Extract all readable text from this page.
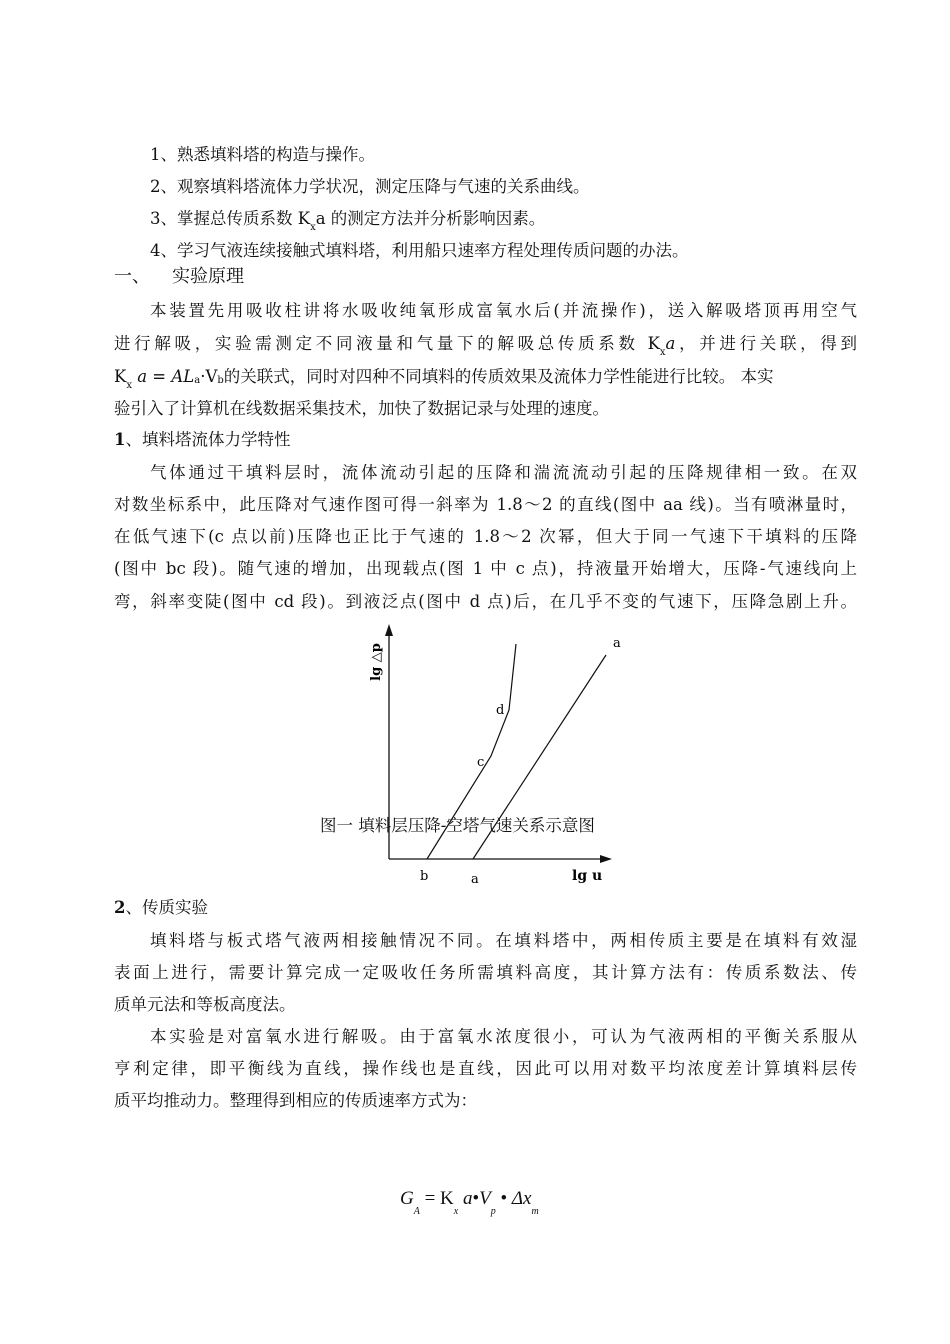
1、熟悉填料塔的构造与操作。
2、观察填料塔流体力学状况，测定压降与气速的关系曲线。
3、掌握总传质系数 $K_xa$ 的测定方法并分析影响因素。
4、学习气液连续接触式填料塔，利用船只速率方程处理传质问题的办法。
一、 实验原理
本装置先用吸收柱讲将水吸收纯氧形成富氧水后(并流操作)，送入解吸塔顶再用空气
进行解吸，实验需测定不同液量和气量下的解吸总传质系数 $K_xa$，并进行关联，得到
$K_x$ a = ALa·Vb的关联式，同时对四种不同填料的传质效果及流体力学性能进行比较。 本实
验引入了计算机在线数据采集技术，加快了数据记录与处理的速度。
1、填料塔流体力学特性
气体通过干填料层时，流体流动引起的压降和湍流流动引起的压降规律相一致。在双
对数坐标系中，此压降对气速作图可得一斜率为 1.8～2 的直线(图中 aa 线)。当有喷淋量时，
在低气速下(c 点以前)压降也正比于气速的 1.8～2 次幂，但大于同一气速下干填料的压降
(图中 bc 段)。随气速的增加，出现载点(图 1 中 c 点)，持液量开始增大，压降-气速线向上
弯，斜率变陡(图中 cd 段)。到液泛点(图中 d 点)后，在几乎不变的气速下，压降急剧上升。
lg △p	a
d
c
b	a	lg u
图一 填料层压降-空塔气速关系示意图
2、传质实验
填料塔与板式塔气液两相接触情况不同。在填料塔中，两相传质主要是在填料有效湿
表面上进行，需要计算完成一定吸收任务所需填料高度，其计算方法有：传质系数法、传
质单元法和等板高度法。
本实验是对富氧水进行解吸。由于富氧水浓度很小，可认为气液两相的平衡关系服从
亨利定律，即平衡线为直线，操作线也是直线，因此可以用对数平均浓度差计算填料层传
质平均推动力。整理得到相应的传质速率方式为：
$G_A = K_x$ $a•V_p$ • $\Delta x_m$
